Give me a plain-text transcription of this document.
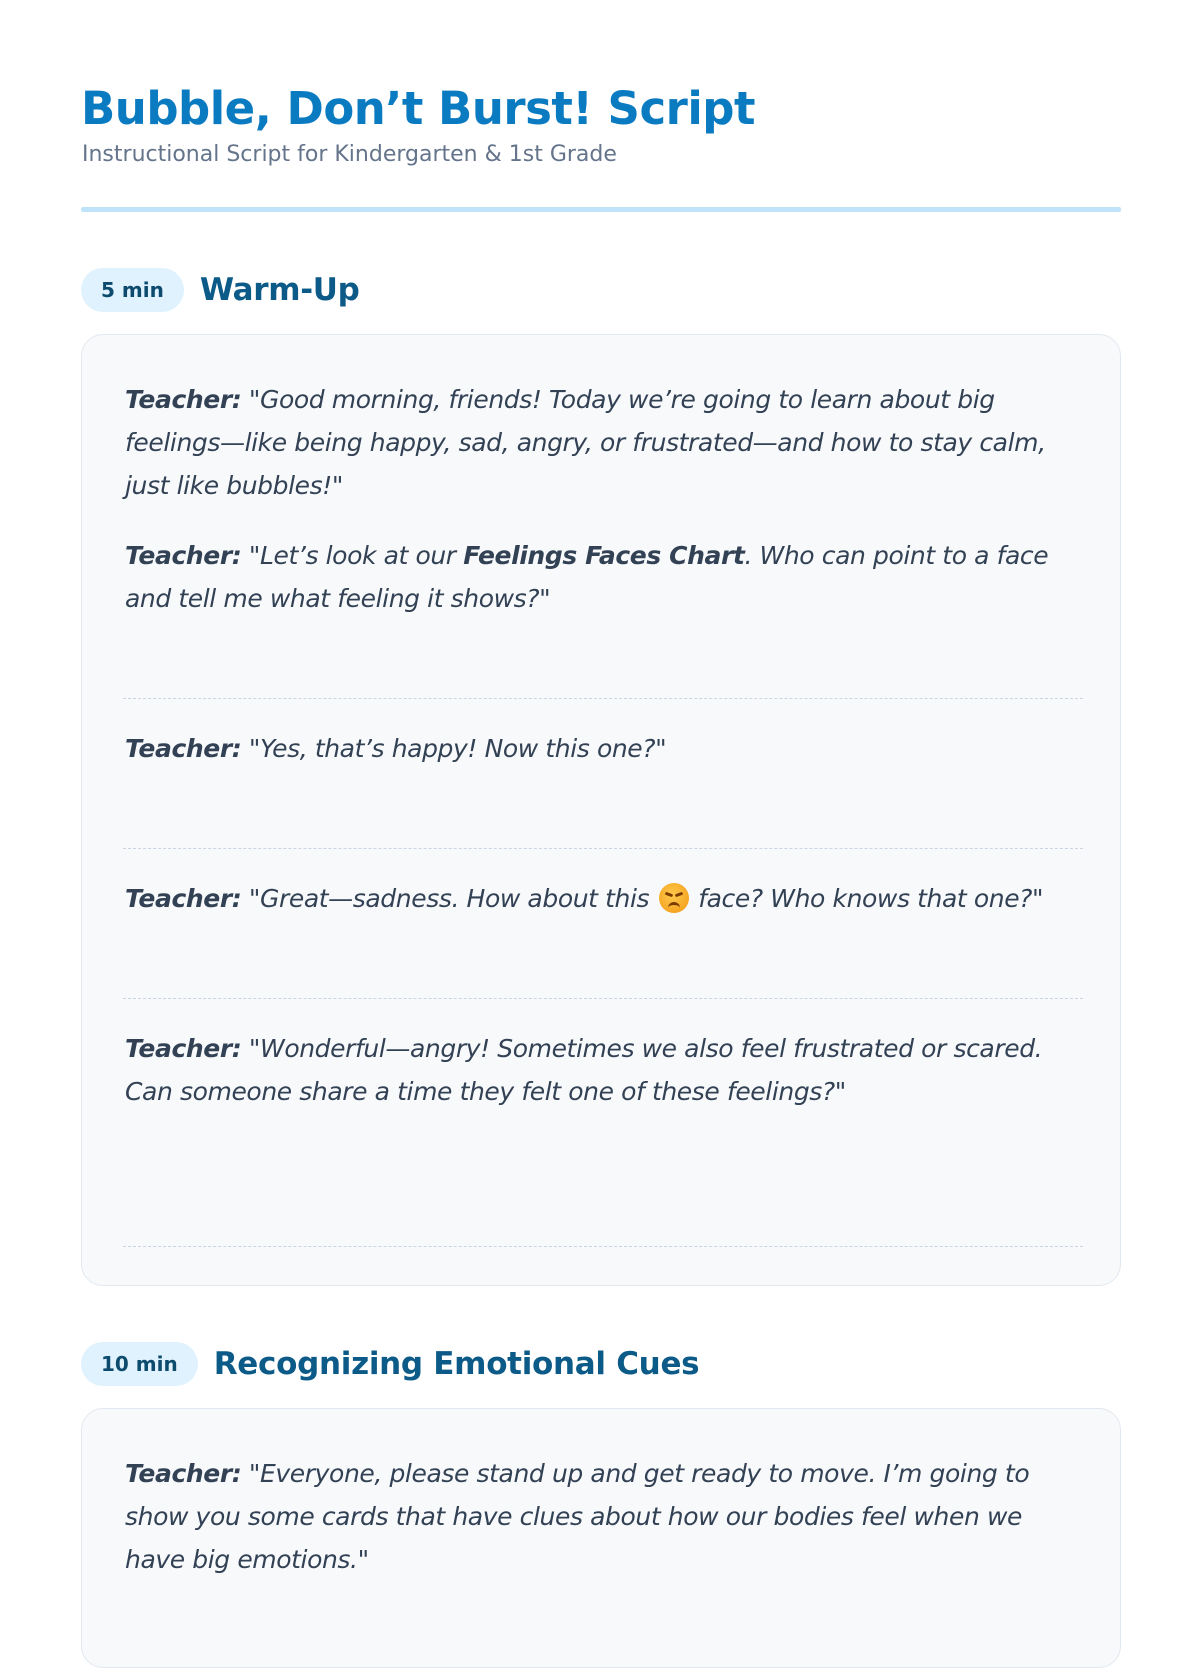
Bubble, Don’t Burst! Script
Instructional Script for Kindergarten & 1st Grade
5 min	Warm-Up

Teacher: "Good morning, friends! Today we’re going to learn about big feelings—like being happy, sad, angry, or frustrated—and how to stay calm, just like bubbles!"

Teacher: "Let’s look at our Feelings Faces Chart. Who can point to a face and tell me what feeling it shows?"

Teacher: "Yes, that’s happy! Now this one?"

Teacher: "Great—sadness. How about this
face? Who knows that one?"

Teacher: "Wonderful—angry! Sometimes we also feel frustrated or scared. Can someone share a time they felt one of these feelings?"

10 min	Recognizing Emotional Cues

Teacher: "Everyone, please stand up and get ready to move. I’m going to show you some cards that have clues about how our bodies feel when we have big emotions."
